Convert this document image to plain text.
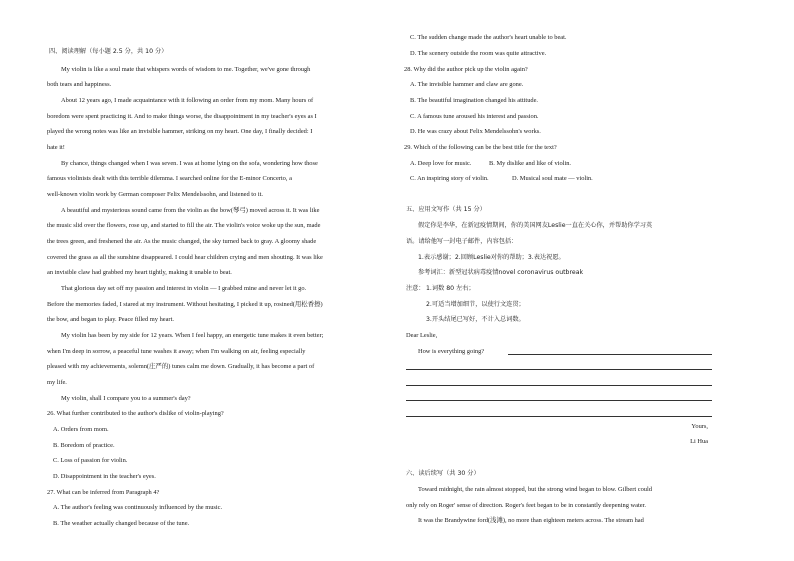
四、阅读理解（每小题 2.5 分，共 10 分）
My violin is like a soul mate that whispers words of wisdom to me. Together, we've gone through
both tears and happiness.
About 12 years ago, I made acquaintance with it following an order from my mom. Many hours of
boredom were spent practicing it. And to make things worse, the disappointment in my teacher's eyes as I
played the wrong notes was like an invisible hammer, striking on my heart. One day, I finally decided: I
hate it!
By chance, things changed when I was seven. I was at home lying on the sofa, wondering how those
famous violinists dealt with this terrible dilemma. I searched online for the E-minor Concerto, a
well-known violin work by German composer Felix Mendelssohn, and listened to it.
A beautiful and mysterious sound came from the violin as the bow(琴弓) moved across it. It was like
the music slid over the flowers, rose up, and started to fill the air. The violin's voice woke up the sun, made
the trees green, and freshened the air. As the music changed, the sky turned back to gray. A gloomy shade
covered the grass as all the sunshine disappeared. I could hear children crying and men shouting. It was like
an invisible claw had grabbed my heart tightly, making it unable to beat.
That glorious day set off my passion and interest in violin — I grabbed mine and never let it go.
Before the memories faded, I stared at my instrument. Without hesitating, I picked it up, rosined(用松香擦)
the bow, and began to play. Peace filled my heart.
My violin has been by my side for 12 years. When I feel happy, an energetic tune makes it even better;
when I'm deep in sorrow, a peaceful tune washes it away; when I'm walking on air, feeling especially
pleased with my achievements, solemn(庄严的) tunes calm me down. Gradually, it has become a part of
my life.
My violin, shall I compare you to a summer's day?
26. What further contributed to the author's dislike of violin-playing?
A. Orders from mom.
B. Boredom of practice.
C. Loss of passion for violin.
D. Disappointment in the teacher's eyes.
27. What can be inferred from Paragraph 4?
A. The author's feeling was continuously influenced by the music.
B. The weather actually changed because of the tune.
C. The sudden change made the author's heart unable to beat.
D. The scenery outside the room was quite attractive.
28. Why did the author pick up the violin again?
A. The invisible hammer and claw are gone.
B. The beautiful imagination changed his attitude.
C. A famous tune aroused his interest and passion.
D. He was crazy about Felix Mendelssohn's works.
29. Which of the following can be the best title for the text?
A. Deep love for music.	B. My dislike and like of violin.
C. An inspiring story of violin.	D. Musical soul mate — violin.
五、应用文写作（共 15 分）
假定你是李华，在新冠疫情期间，你的美国网友Leslie一直在关心你，并帮助你学习英
语。请给他写一封电子邮件，内容包括：
1.表示感谢；2.回顾Leslie对你的帮助；3.表达祝愿。
参考词汇：新型冠状病毒疫情novel coronavirus outbreak
注意： 1.词数 80 左右；
2.可适当增加细节，以使行文连贯；
3.开头结尾已写好，不计入总词数。
Dear Leslie,
How is everything going?
Yours,
Li Hua
六、读后续写（共 30 分）
Toward midnight, the rain almost stopped, but the strong wind began to blow. Gilbert could
only rely on Roger' sense of direction. Roger's feet began to be in constantly deepening water.
It was the Brandywine ford(浅滩), no more than eighteen meters across. The stream had
